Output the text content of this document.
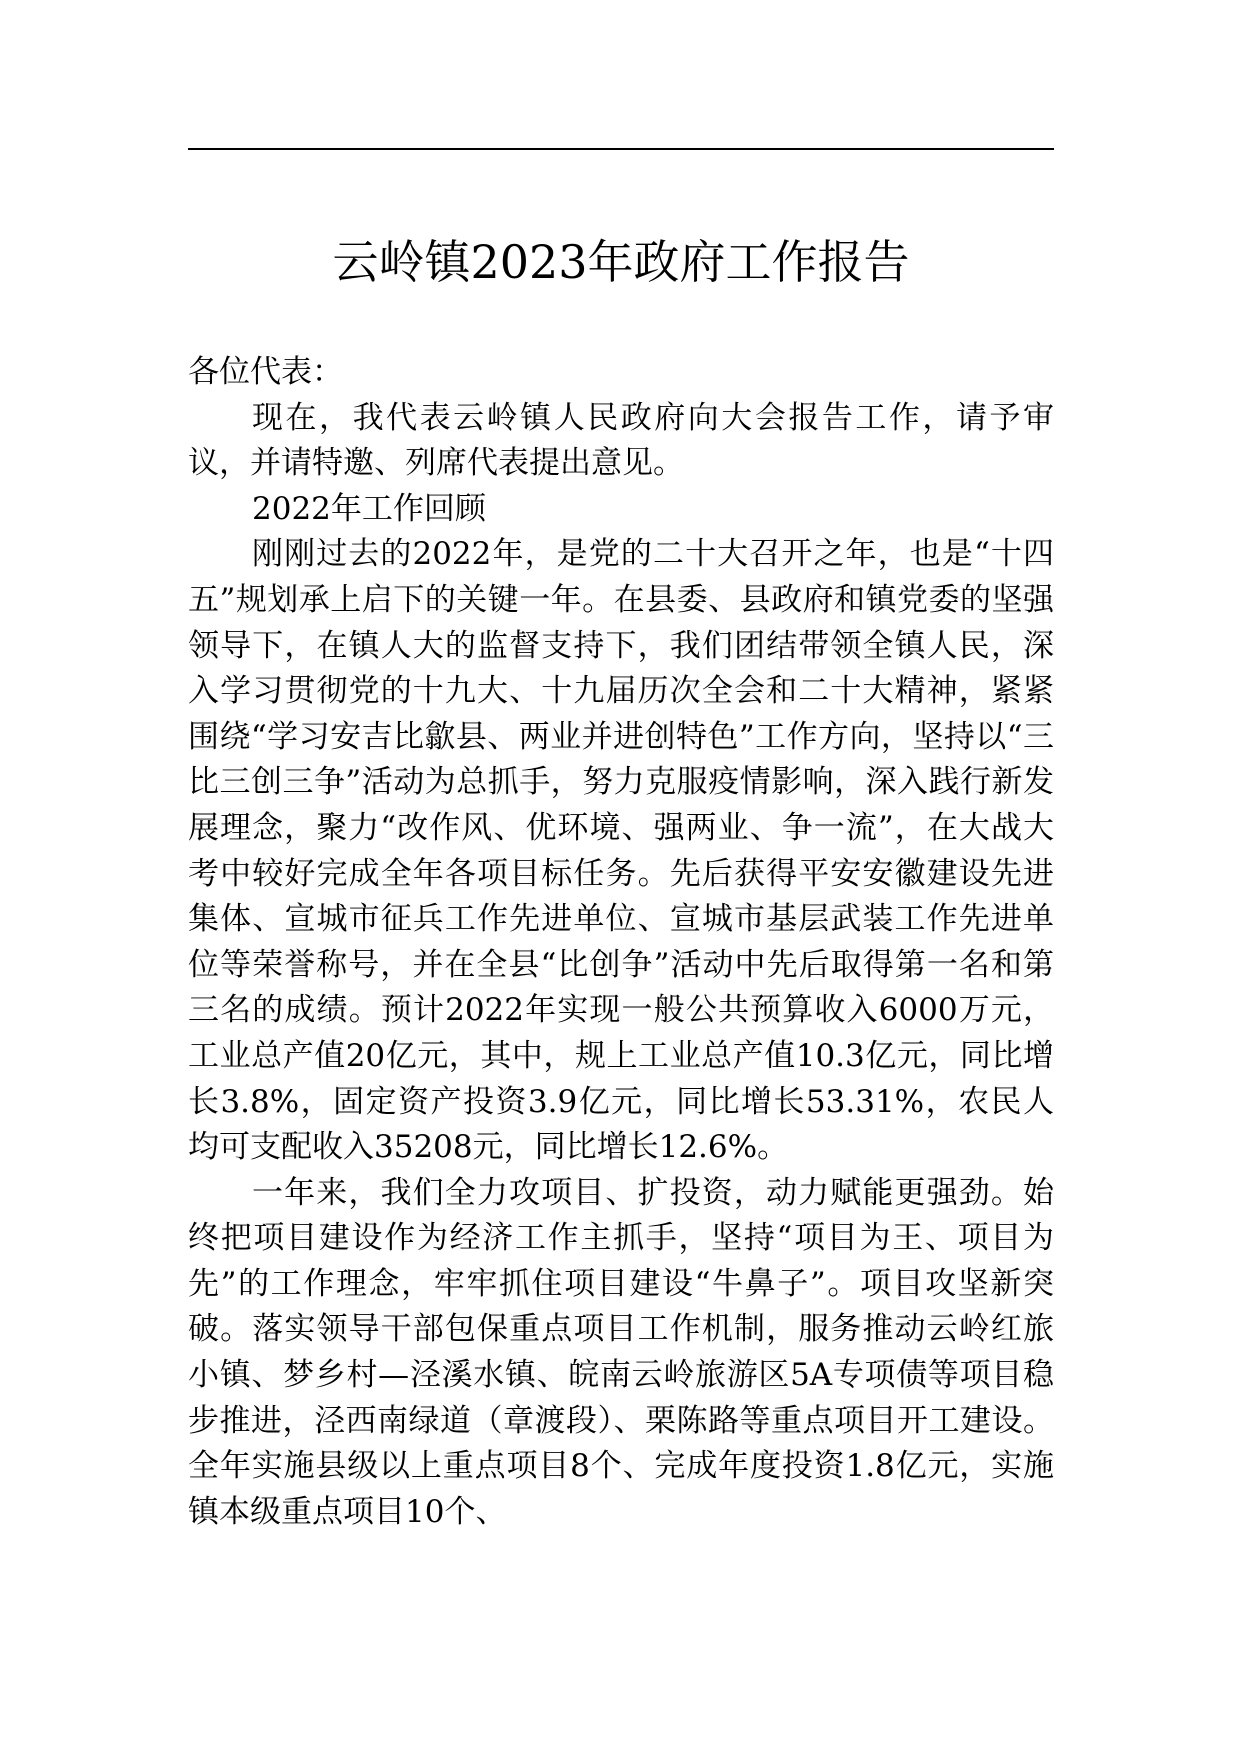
云岭镇2023年政府工作报告

各位代表：

现在，我代表云岭镇人民政府向大会报告工作，请予审议，并请特邀、列席代表提出意见。

2022年工作回顾

刚刚过去的2022年，是党的二十大召开之年，也是“十四五”规划承上启下的关键一年。在县委、县政府和镇党委的坚强领导下，在镇人大的监督支持下，我们团结带领全镇人民，深入学习贯彻党的十九大、十九届历次全会和二十大精神，紧紧围绕“学习安吉比歙县、两业并进创特色”工作方向，坚持以“三比三创三争”活动为总抓手，努力克服疫情影响，深入践行新发展理念，聚力“改作风、优环境、强两业、争一流”，在大战大考中较好完成全年各项目标任务。先后获得平安安徽建设先进集体、宣城市征兵工作先进单位、宣城市基层武装工作先进单位等荣誉称号，并在全县“比创争”活动中先后取得第一名和第三名的成绩。预计2022年实现一般公共预算收入6000万元，工业总产值20亿元，其中，规上工业总产值10.3亿元，同比增长3.8%，固定资产投资3.9亿元，同比增长53.31%，农民人均可支配收入35208元，同比增长12.6%。

一年来，我们全力攻项目、扩投资，动力赋能更强劲。始终把项目建设作为经济工作主抓手，坚持“项目为王、项目为先”的工作理念，牢牢抓住项目建设“牛鼻子”。项目攻坚新突破。落实领导干部包保重点项目工作机制，服务推动云岭红旅小镇、梦乡村—泾溪水镇、皖南云岭旅游区5A专项债等项目稳步推进，泾西南绿道（章渡段）、栗陈路等重点项目开工建设。全年实施县级以上重点项目8个、完成年度投资1.8亿元，实施镇本级重点项目10个、
